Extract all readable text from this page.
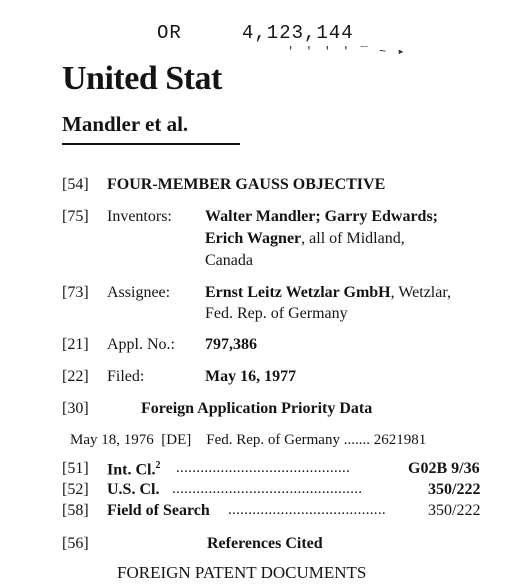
OR	4,123,144
' ' ' ' ‾ ~ ▸
United Stat
Mandler et al.
[54] FOUR-MEMBER GAUSS OBJECTIVE
[75] Inventors: Walter Mandler; Garry Edwards;
Erich Wagner, all of Midland,
Canada
[73] Assignee: Ernst Leitz Wetzlar GmbH, Wetzlar,
Fed. Rep. of Germany
[21] Appl. No.: 797,386
[22] Filed:	May 16, 1977
[30]	Foreign Application Priority Data
May 18, 1976  [DE]    Fed. Rep. of Germany ....... 2621981
[51] Int. Cl.$^2$ ...........................................	G02B 9/36
[52] U.S. Cl. ...............................................	350/222
[58] Field of Search .......................................	350/222
[56]	References Cited
FOREIGN PATENT DOCUMENTS
